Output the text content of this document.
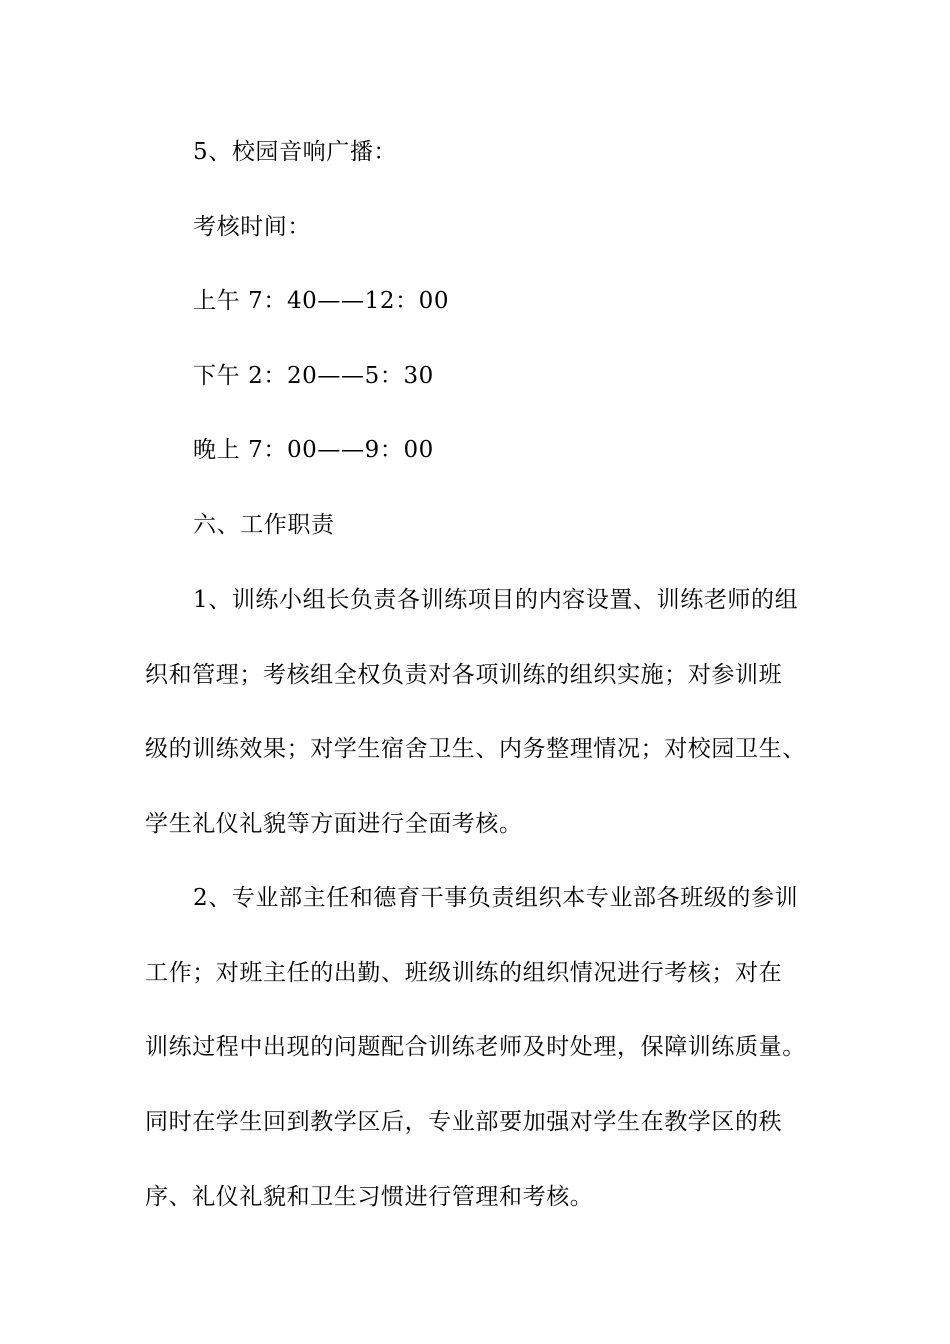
5、校园音响广播：
考核时间：
上午 7：40——12：00
下午 2：20——5：30
晚上 7：00——9：00
六、工作职责
1、训练小组长负责各训练项目的内容设置、训练老师的组
织和管理；考核组全权负责对各项训练的组织实施；对参训班
级的训练效果；对学生宿舍卫生、内务整理情况；对校园卫生、
学生礼仪礼貌等方面进行全面考核。
2、专业部主任和德育干事负责组织本专业部各班级的参训
工作；对班主任的出勤、班级训练的组织情况进行考核；对在
训练过程中出现的问题配合训练老师及时处理，保障训练质量。
同时在学生回到教学区后，专业部要加强对学生在教学区的秩
序、礼仪礼貌和卫生习惯进行管理和考核。
